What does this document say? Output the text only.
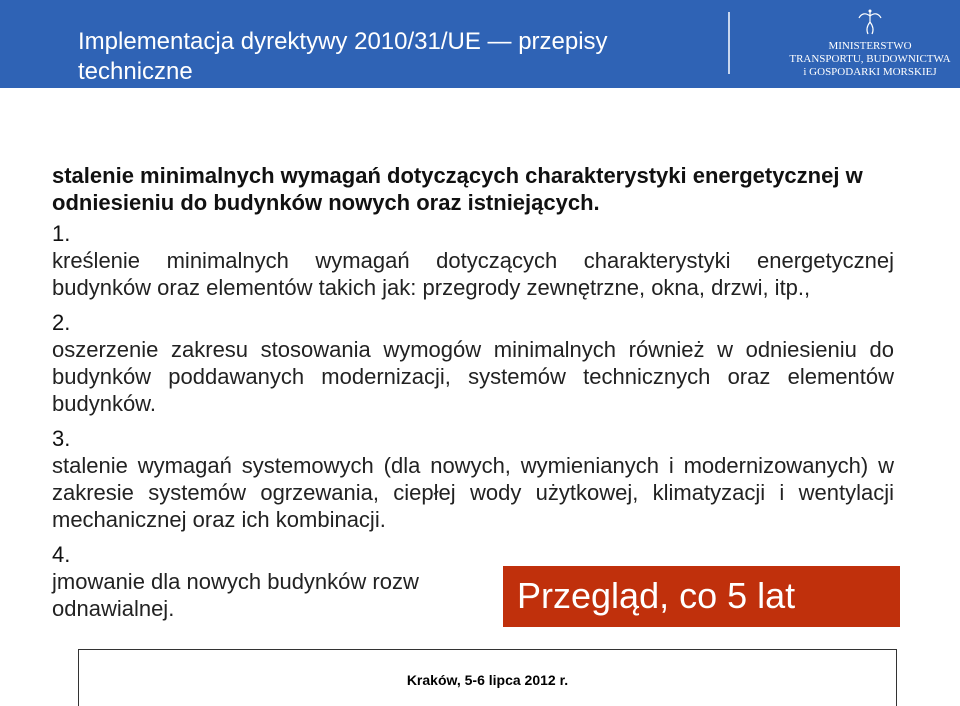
Implementacja dyrektywy 2010/31/UE — przepisy techniczne
MINISTERSTWO
TRANSPORTU, BUDOWNICTWA
i GOSPODARKI MORSKIEJ

stalenie minimalnych wymagań dotyczących charakterystyki energetycznej w odniesieniu do budynków nowych oraz istniejących.

1.

kreślenie minimalnych wymagań dotyczących charakterystyki energetycznej budynków oraz elementów takich jak: przegrody zewnętrzne, okna, drzwi, itp.,

2.

oszerzenie zakresu stosowania wymogów minimalnych również w odniesieniu do budynków poddawanych modernizacji, systemów technicznych oraz elementów budynków.

3.

stalenie wymagań systemowych (dla nowych, wymienianych i modernizowanych) w zakresie systemów ogrzewania, ciepłej wody użytkowej, klimatyzacji i wentylacji mechanicznej oraz ich kombinacji.

4.

jmowanie dla nowych budynków rozw odnawialnej.	Przegląd, co 5 lat
Kraków, 5-6 lipca 2012 r.
